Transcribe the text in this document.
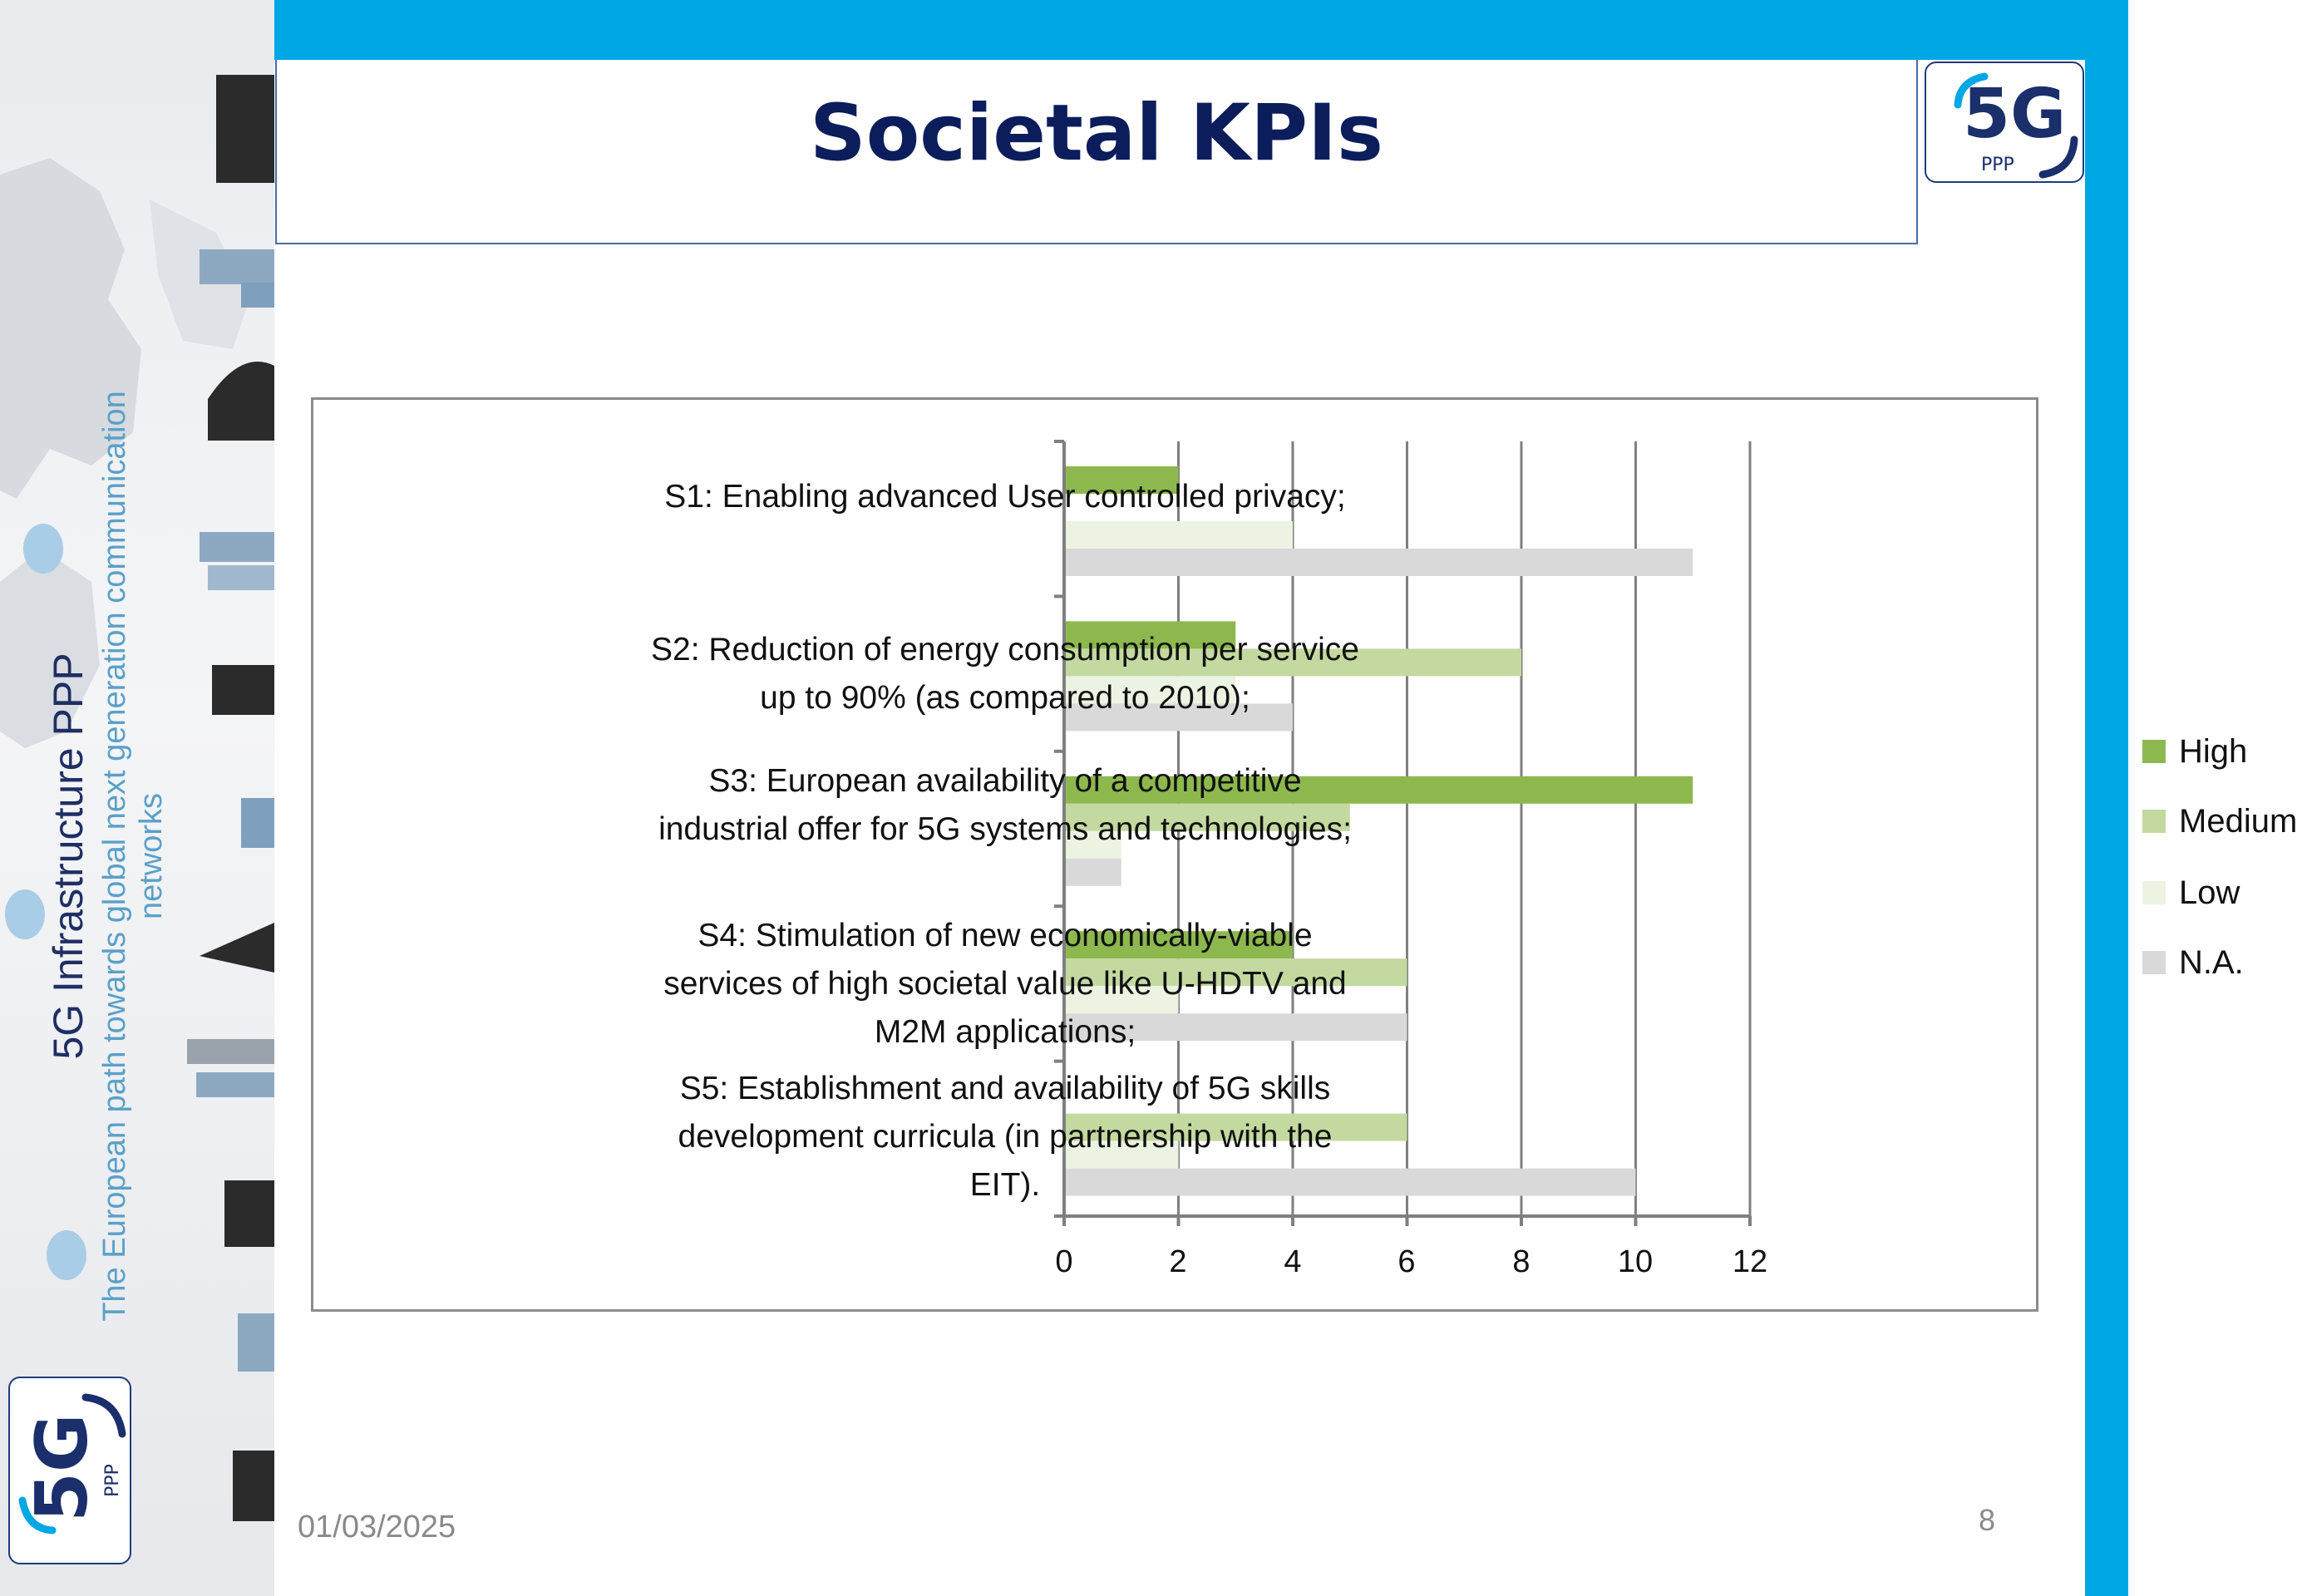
5G Infrastructure PPP The European path towards global next generation communication networks
Societal KPIs	5G
PPP
5G
PPP
S1: Enabling advanced User controlled privacy;
S2: Reduction of energy consumption per service up to 90% (as compared to 2010);
S3: European availability of a competitive industrial offer for 5G systems and technologies;
S4: Stimulation of new economically-viable services of high societal value like U-HDTV and M2M applications;
S5: Establishment and availability of 5G skills development curricula (in partnership with the EIT).
0	2	4	6	8	10	12
High
Medium
Low
N.A.
01/03/2025	8
